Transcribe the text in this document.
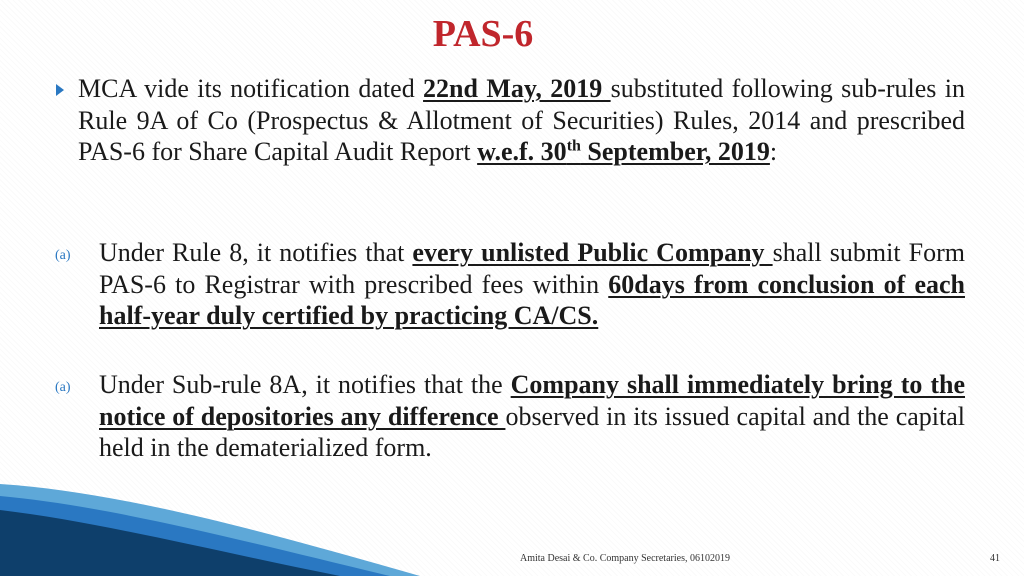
PAS-6

MCA vide its notification dated 22nd May, 2019 substituted following sub-rules in Rule 9A of Co (Prospectus & Allotment of Securities) Rules, 2014 and prescribed PAS-6 for Share Capital Audit Report w.e.f. 30th September, 2019:

(a) Under Rule 8, it notifies that every unlisted Public Company shall submit Form PAS-6 to Registrar with prescribed fees within 60days from conclusion of each half-year duly certified by practicing CA/CS.

(a) Under Sub-rule 8A, it notifies that the Company shall immediately bring to the notice of depositories any difference observed in its issued capital and the capital held in the dematerialized form.

Amita Desai & Co. Company Secretaries, 06102019	41
